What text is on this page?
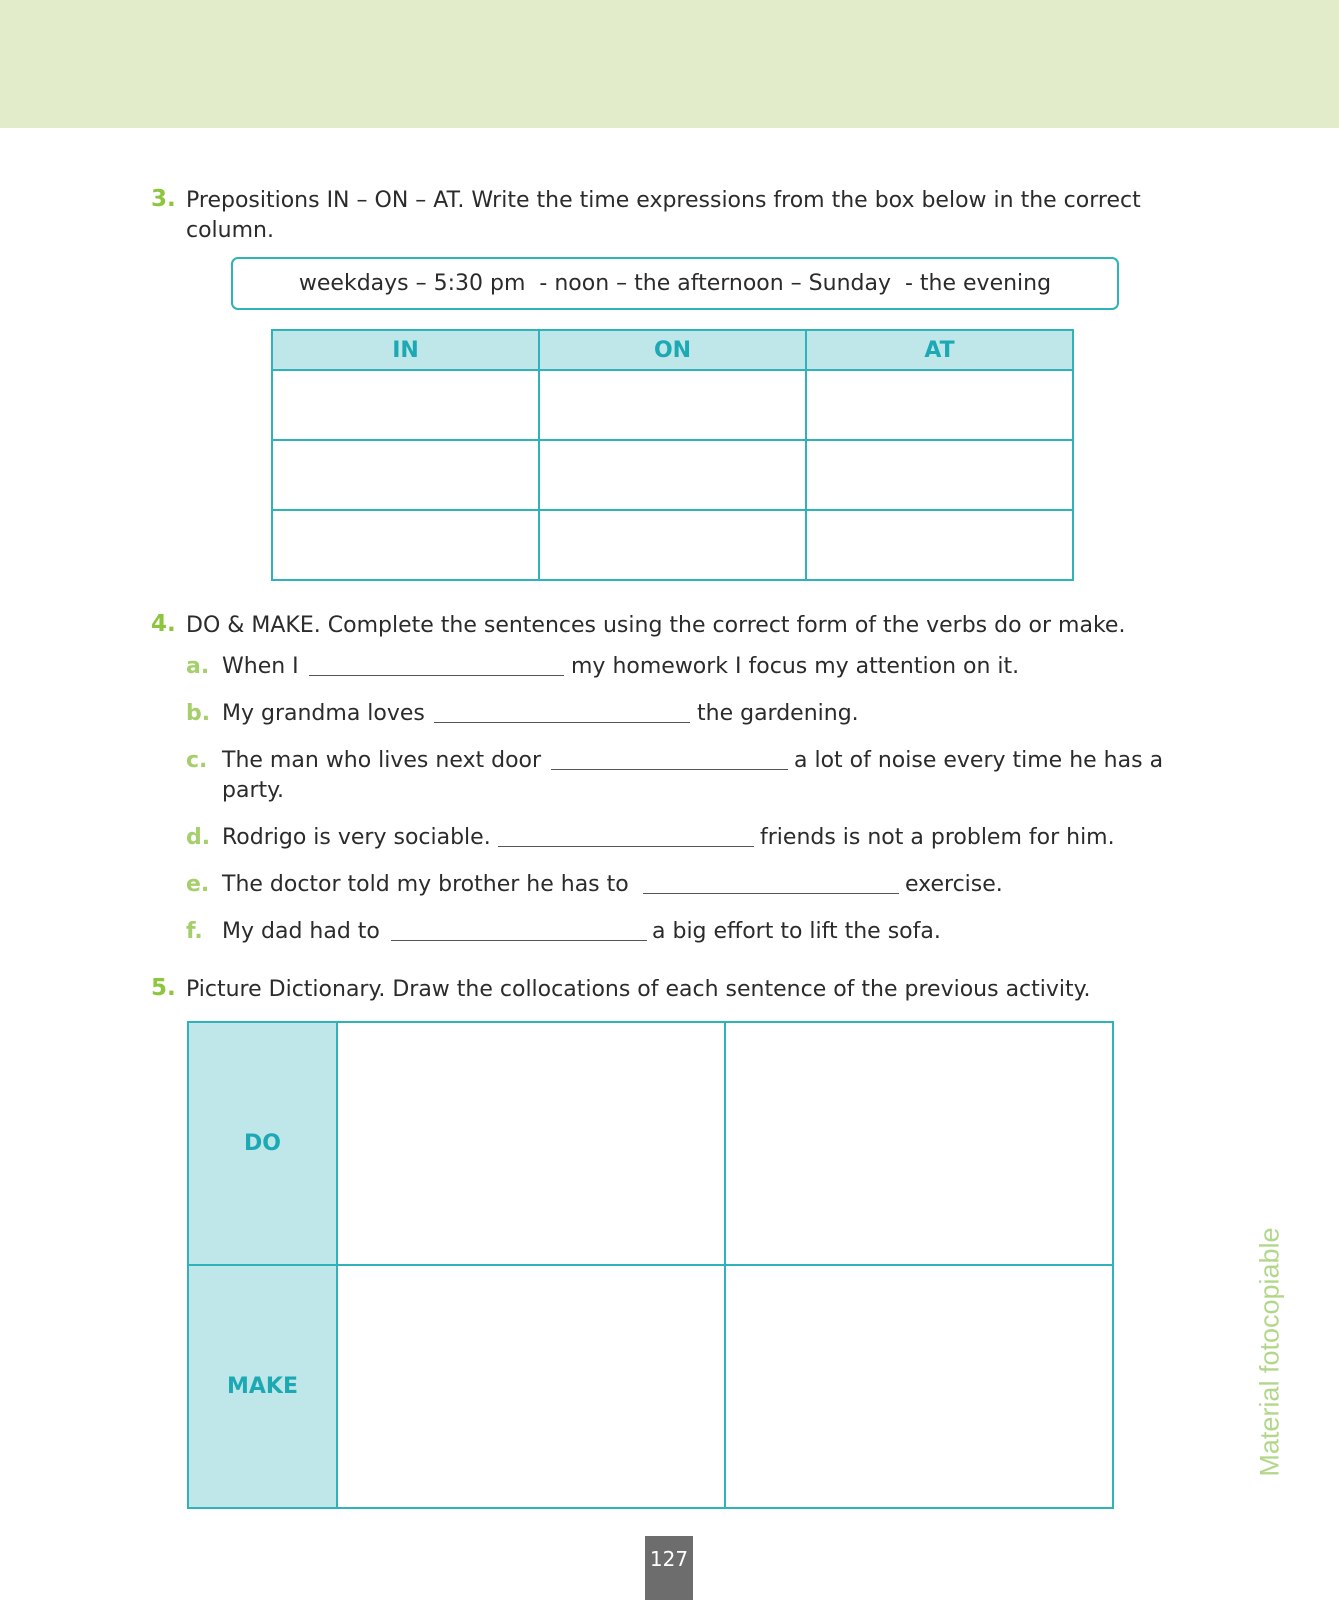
3. Prepositions IN – ON – AT. Write the time expressions from the box below in the correct
column.
weekdays – 5:30 pm  - noon – the afternoon – Sunday  - the evening
IN	ON	AT

4. DO & MAKE. Complete the sentences using the correct form of the verbs do or make.
a. When I	my homework I focus my attention on it.
b. My grandma loves	the gardening.
c. The man who lives next door	a lot of noise every time he has a
party.
d. Rodrigo is very sociable.	friends is not a problem for him.
e. The doctor told my brother he has to	exercise.
f. My dad had to	a big effort to lift the sofa.
5. Picture Dictionary. Draw the collocations of each sentence of the previous activity.
DO		
MAKE			Material fotocopiable
127
